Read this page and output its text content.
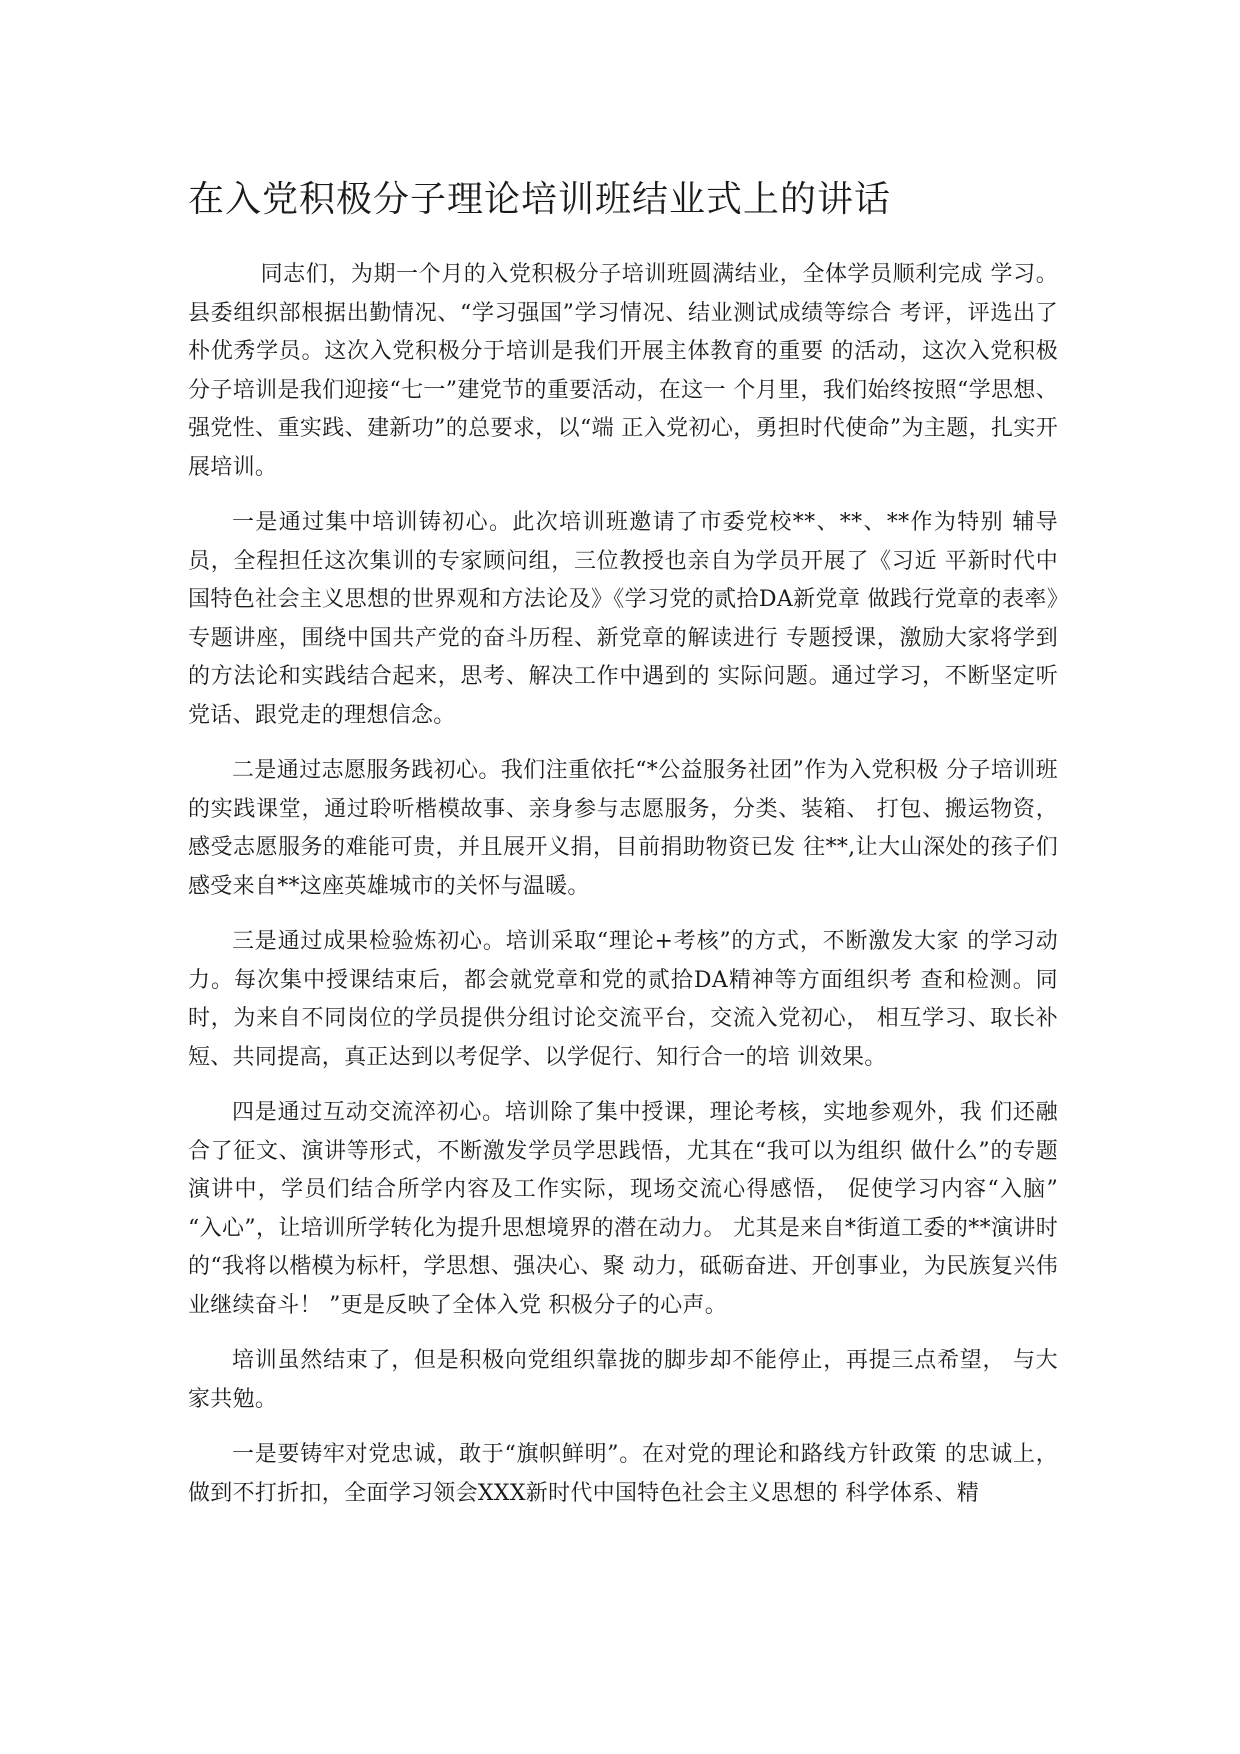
在入党积极分子理论培训班结业式上的讲话

同志们，为期一个月的入党积极分子培训班圆满结业，全体学员顺利完成 学习。县委组织部根据出勤情况、“学习强国”学习情况、结业测试成绩等综合 考评，评选出了朴优秀学员。这次入党积极分于培训是我们开展主体教育的重要 的活动，这次入党积极分子培训是我们迎接“七一”建党节的重要活动，在这一 个月里，我们始终按照“学思想、强党性、重实践、建新功”的总要求，以“端 正入党初心，勇担时代使命”为主题，扎实开展培训。

一是通过集中培训铸初心。此次培训班邀请了市委党校**、**、**作为特别 辅导员，全程担任这次集训的专家顾问组，三位教授也亲自为学员开展了《习近 平新时代中国特色社会主义思想的世界观和方法论及》《学习党的贰拾DA新党章 做践行党章的表率》专题讲座，围绕中国共产党的奋斗历程、新党章的解读进行 专题授课，激励大家将学到的方法论和实践结合起来，思考、解决工作中遇到的 实际问题。通过学习，不断坚定听党话、跟党走的理想信念。

二是通过志愿服务践初心。我们注重依托“*公益服务社团”作为入党积极 分子培训班的实践课堂，通过聆听楷模故事、亲身参与志愿服务，分类、装箱、 打包、搬运物资，感受志愿服务的难能可贵，并且展开义捐，目前捐助物资已发 往**,让大山深处的孩子们感受来自**这座英雄城市的关怀与温暖。

三是通过成果检验炼初心。培训采取“理论+考核”的方式，不断激发大家 的学习动力。每次集中授课结束后，都会就党章和党的贰拾DA精神等方面组织考 查和检测。同时，为来自不同岗位的学员提供分组讨论交流平台，交流入党初心， 相互学习、取长补短、共同提高，真正达到以考促学、以学促行、知行合一的培 训效果。

四是通过互动交流淬初心。培训除了集中授课，理论考核，实地参观外，我 们还融合了征文、演讲等形式，不断激发学员学思践悟，尤其在“我可以为组织 做什么”的专题演讲中，学员们结合所学内容及工作实际，现场交流心得感悟， 促使学习内容“入脑” “入心”，让培训所学转化为提升思想境界的潜在动力。 尤其是来自*街道工委的**演讲时的“我将以楷模为标杆，学思想、强决心、聚 动力，砥砺奋进、开创事业，为民族复兴伟业继续奋斗！ ”更是反映了全体入党 积极分子的心声。

培训虽然结束了，但是积极向党组织靠拢的脚步却不能停止，再提三点希望， 与大家共勉。

一是要铸牢对党忠诚，敢于“旗帜鲜明”。在对党的理论和路线方针政策 的忠诚上，做到不打折扣，全面学习领会XXX新时代中国特色社会主义思想的 科学体系、精
